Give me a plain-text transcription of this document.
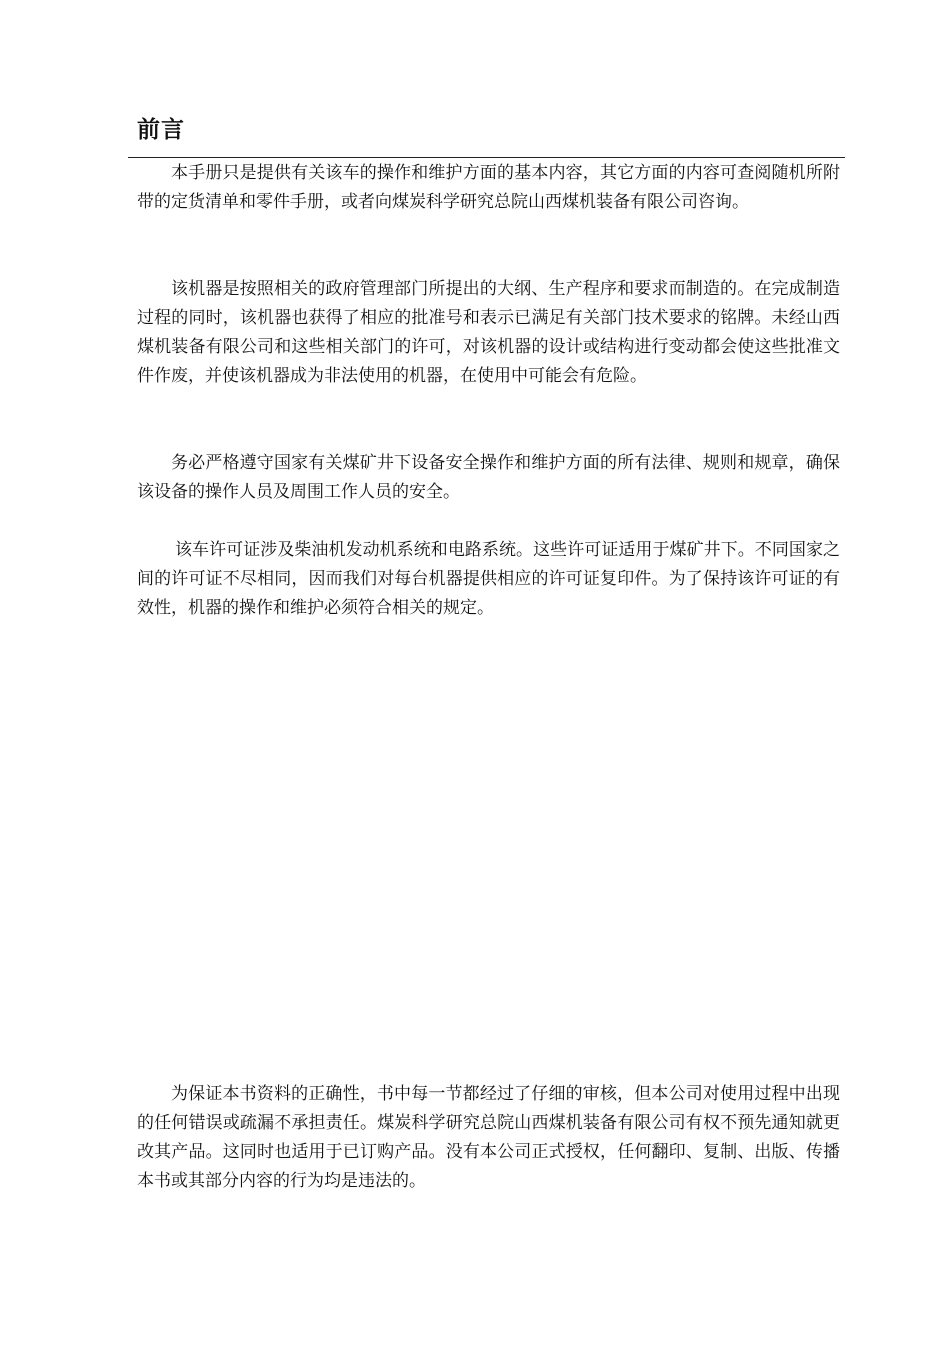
前言

本手册只是提供有关该车的操作和维护方面的基本内容，其它方面的内容可查阅随机所附带的定货清单和零件手册，或者向煤炭科学研究总院山西煤机装备有限公司咨询。

该机器是按照相关的政府管理部门所提出的大纲、生产程序和要求而制造的。在完成制造过程的同时，该机器也获得了相应的批准号和表示已满足有关部门技术要求的铭牌。未经山西煤机装备有限公司和这些相关部门的许可，对该机器的设计或结构进行变动都会使这些批准文件作废，并使该机器成为非法使用的机器，在使用中可能会有危险。

务必严格遵守国家有关煤矿井下设备安全操作和维护方面的所有法律、规则和规章，确保该设备的操作人员及周围工作人员的安全。

该车许可证涉及柴油机发动机系统和电路系统。这些许可证适用于煤矿井下。不同国家之间的许可证不尽相同，因而我们对每台机器提供相应的许可证复印件。为了保持该许可证的有效性，机器的操作和维护必须符合相关的规定。

为保证本书资料的正确性，书中每一节都经过了仔细的审核，但本公司对使用过程中出现的任何错误或疏漏不承担责任。煤炭科学研究总院山西煤机装备有限公司有权不预先通知就更改其产品。这同时也适用于已订购产品。没有本公司正式授权，任何翻印、复制、出版、传播本书或其部分内容的行为均是违法的。
